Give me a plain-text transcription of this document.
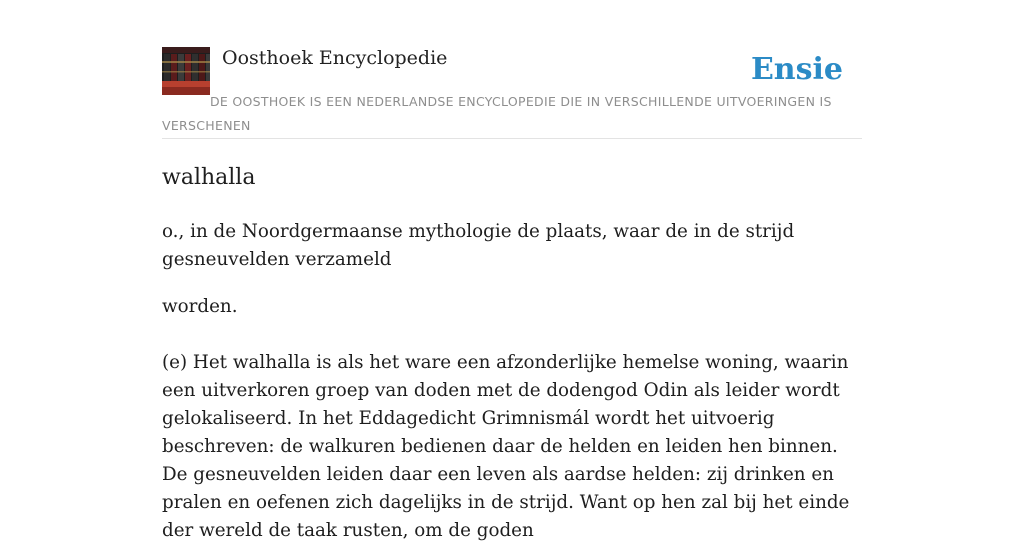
Oosthoek Encyclopedie	Ensie

DE OOSTHOEK IS EEN NEDERLANDSE ENCYCLOPEDIE DIE IN VERSCHILLENDE UITVOERINGEN IS VERSCHENEN

walhalla

o., in de Noordgermaanse mythologie de plaats, waar de in de strijd gesneuvelden verzameld

worden.

(e) Het walhalla is als het ware een afzonderlijke hemelse woning, waarin een uitverkoren groep van doden met de dodengod Odin als leider wordt gelokaliseerd. In het Eddagedicht Grimnismál wordt het uitvoerig beschreven: de walkuren bedienen daar de helden en leiden hen binnen. De gesneuvelden leiden daar een leven als aardse helden: zij drinken en pralen en oefenen zich dagelijks in de strijd. Want op hen zal bij het einde der wereld de taak rusten, om de goden
